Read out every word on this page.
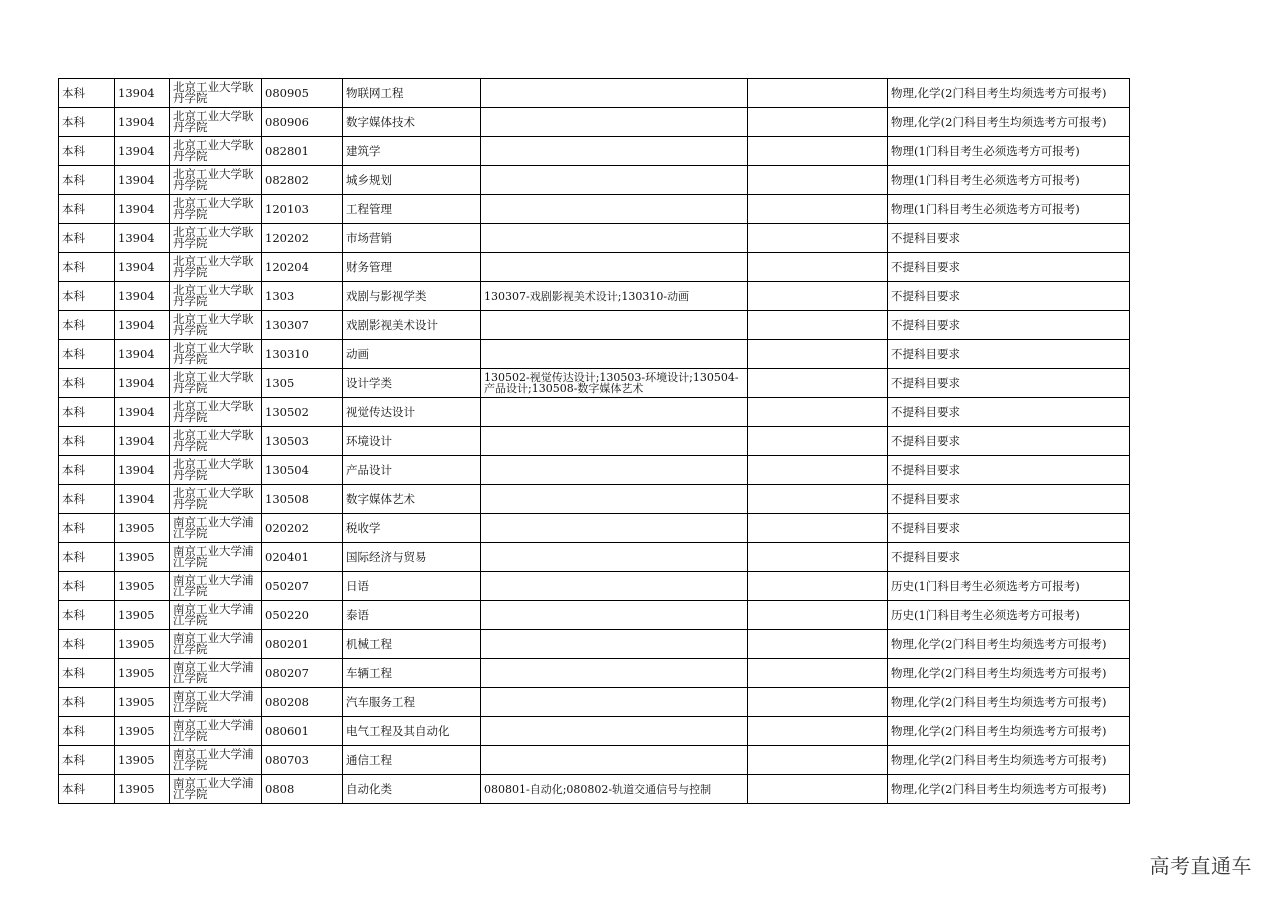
本科	13904	北京工业大学耿丹学院	080905	物联网工程			物理,化学(2门科目考生均须选考方可报考)
本科	13904	北京工业大学耿丹学院	080906	数字媒体技术			物理,化学(2门科目考生均须选考方可报考)
本科	13904	北京工业大学耿丹学院	082801	建筑学			物理(1门科目考生必须选考方可报考)
本科	13904	北京工业大学耿丹学院	082802	城乡规划			物理(1门科目考生必须选考方可报考)
本科	13904	北京工业大学耿丹学院	120103	工程管理			物理(1门科目考生必须选考方可报考)
本科	13904	北京工业大学耿丹学院	120202	市场营销			不提科目要求
本科	13904	北京工业大学耿丹学院	120204	财务管理			不提科目要求
本科	13904	北京工业大学耿丹学院	1303	戏剧与影视学类	130307-戏剧影视美术设计;130310-动画		不提科目要求
本科	13904	北京工业大学耿丹学院	130307	戏剧影视美术设计			不提科目要求
本科	13904	北京工业大学耿丹学院	130310	动画			不提科目要求
本科	13904	北京工业大学耿丹学院	1305	设计学类	130502-视觉传达设计;130503-环境设计;130504-产品设计;130508-数字媒体艺术		不提科目要求
本科	13904	北京工业大学耿丹学院	130502	视觉传达设计			不提科目要求
本科	13904	北京工业大学耿丹学院	130503	环境设计			不提科目要求
本科	13904	北京工业大学耿丹学院	130504	产品设计			不提科目要求
本科	13904	北京工业大学耿丹学院	130508	数字媒体艺术			不提科目要求
本科	13905	南京工业大学浦江学院	020202	税收学			不提科目要求
本科	13905	南京工业大学浦江学院	020401	国际经济与贸易			不提科目要求
本科	13905	南京工业大学浦江学院	050207	日语			历史(1门科目考生必须选考方可报考)
本科	13905	南京工业大学浦江学院	050220	泰语			历史(1门科目考生必须选考方可报考)
本科	13905	南京工业大学浦江学院	080201	机械工程			物理,化学(2门科目考生均须选考方可报考)
本科	13905	南京工业大学浦江学院	080207	车辆工程			物理,化学(2门科目考生均须选考方可报考)
本科	13905	南京工业大学浦江学院	080208	汽车服务工程			物理,化学(2门科目考生均须选考方可报考)
本科	13905	南京工业大学浦江学院	080601	电气工程及其自动化			物理,化学(2门科目考生均须选考方可报考)
本科	13905	南京工业大学浦江学院	080703	通信工程			物理,化学(2门科目考生均须选考方可报考)
本科	13905	南京工业大学浦江学院	0808	自动化类	080801-自动化;080802-轨道交通信号与控制		物理,化学(2门科目考生均须选考方可报考)
高考直通车
